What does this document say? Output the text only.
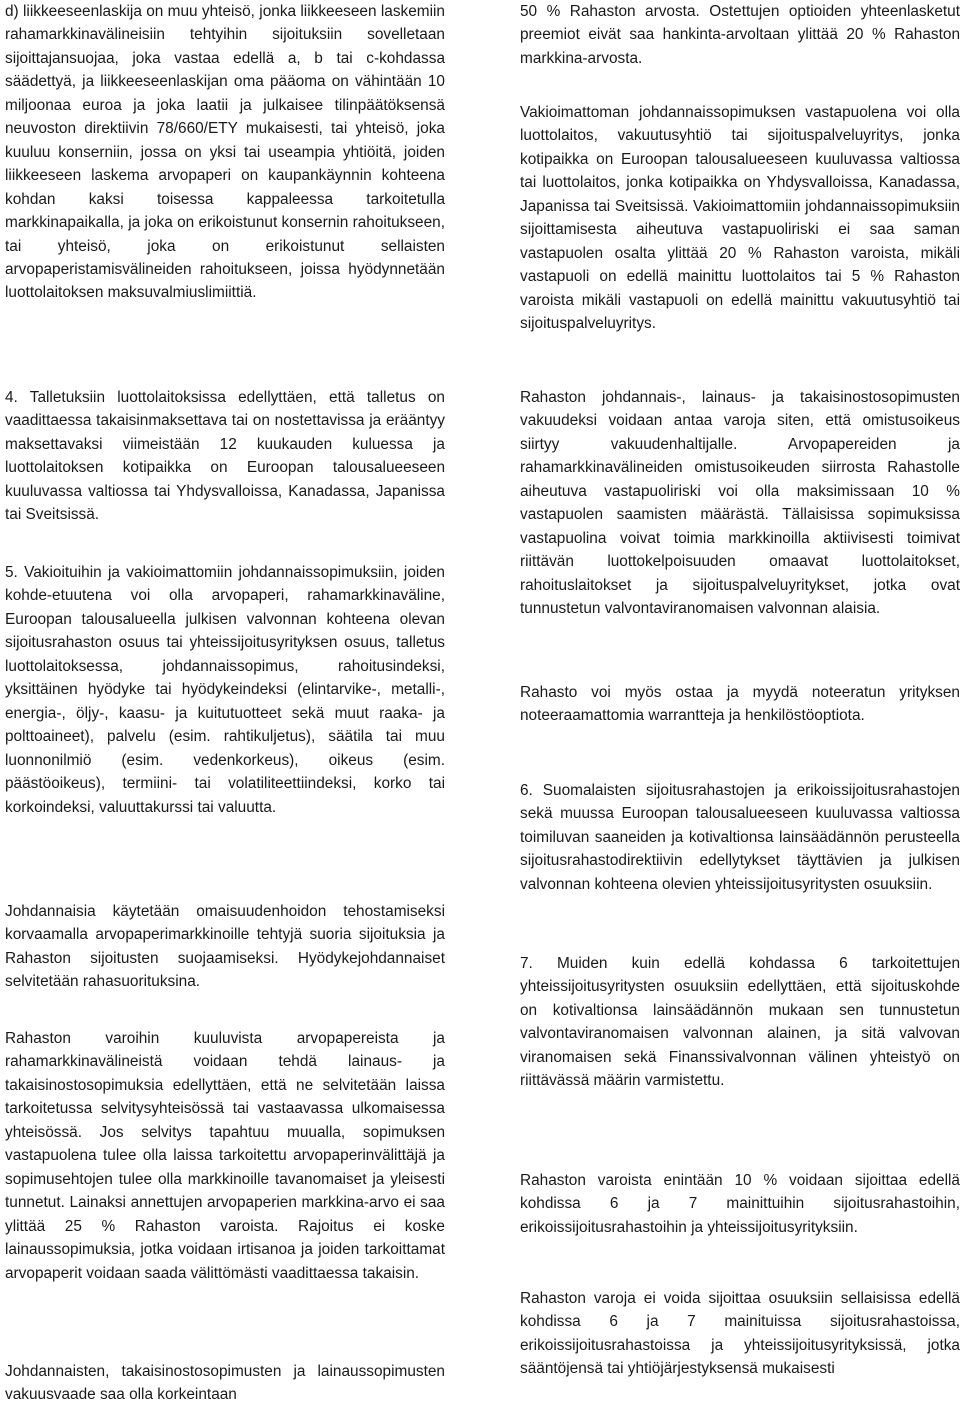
d) liikkeeseenlaskija on muu yhteisö, jonka liikkeeseen laskemiin rahamarkkinavälineisiin tehtyihin sijoituksiin sovelletaan sijoittajansuojaa, joka vastaa edellä a, b tai c-kohdassa säädettyä, ja liikkeeseenlaskijan oma pääoma on vähintään 10 miljoonaa euroa ja joka laatii ja julkaisee tilinpäätöksensä neuvoston direktiivin 78/660/ETY mukaisesti, tai yhteisö, joka kuuluu konserniin, jossa on yksi tai useampia yhtiöitä, joiden liikkeeseen laskema arvopaperi on kaupankäynnin kohteena kohdan kaksi toisessa kappaleessa tarkoitetulla markkinapaikalla, ja joka on erikoistunut konsernin rahoitukseen, tai yhteisö, joka on erikoistunut sellaisten arvopaperistamisvälineiden rahoitukseen, joissa hyödynnetään luottolaitoksen maksuvalmiuslimiittiä.

4. Talletuksiin luottolaitoksissa edellyttäen, että talletus on vaadittaessa takaisinmaksettava tai on nostettavissa ja erääntyy maksettavaksi viimeistään 12 kuukauden kuluessa ja luottolaitoksen kotipaikka on Euroopan talousalueeseen kuuluvassa valtiossa tai Yhdysvalloissa, Kanadassa, Japanissa tai Sveitsissä.

5. Vakioituihin ja vakioimattomiin johdannaissopimuksiin, joiden kohde-etuutena voi olla arvopaperi, rahamarkkinaväline, Euroopan talousalueella julkisen valvonnan kohteena olevan sijoitusrahaston osuus tai yhteissijoitusyrityksen osuus, talletus luottolaitoksessa, johdannaissopimus, rahoitusindeksi, yksittäinen hyödyke tai hyödykeindeksi (elintarvike-, metalli-, energia-, öljy-, kaasu- ja kuitutuotteet sekä muut raaka- ja polttoaineet), palvelu (esim. rahtikuljetus), säätila tai muu luonnonilmiö (esim. vedenkorkeus), oikeus (esim. päästöoikeus), termiini- tai volatiliteettiindeksi, korko tai korkoindeksi, valuuttakurssi tai valuutta.

Johdannaisia käytetään omaisuudenhoidon tehostamiseksi korvaamalla arvopaperimarkkinoille tehtyjä suoria sijoituksia ja Rahaston sijoitusten suojaamiseksi. Hyödykejohdannaiset selvitetään rahasuorituksina.

Rahaston varoihin kuuluvista arvopapereista ja rahamarkkinavälineistä voidaan tehdä lainaus- ja takaisinostosopimuksia edellyttäen, että ne selvitetään laissa tarkoitetussa selvitysyhteisössä tai vastaavassa ulkomaisessa yhteisössä. Jos selvitys tapahtuu muualla, sopimuksen vastapuolena tulee olla laissa tarkoitettu arvopaperinvälittäjä ja sopimusehtojen tulee olla markkinoille tavanomaiset ja yleisesti tunnetut. Lainaksi annettujen arvopaperien markkina-arvo ei saa ylittää 25 % Rahaston varoista. Rajoitus ei koske lainaussopimuksia, jotka voidaan irtisanoa ja joiden tarkoittamat arvopaperit voidaan saada välittömästi vaadittaessa takaisin.

Johdannaisten, takaisinostosopimusten ja lainaussopimusten vakuusvaade saa olla korkeintaan

50 % Rahaston arvosta. Ostettujen optioiden yhteenlasketut preemiot eivät saa hankinta-arvoltaan ylittää 20 % Rahaston markkina-arvosta.

Vakioimattoman johdannaissopimuksen vastapuolena voi olla luottolaitos, vakuutusyhtiö tai sijoituspalveluyritys, jonka kotipaikka on Euroopan talousalueeseen kuuluvassa valtiossa tai luottolaitos, jonka kotipaikka on Yhdysvalloissa, Kanadassa, Japanissa tai Sveitsissä. Vakioimattomiin johdannaissopimuksiin sijoittamisesta aiheutuva vastapuoliriski ei saa saman vastapuolen osalta ylittää 20 % Rahaston varoista, mikäli vastapuoli on edellä mainittu luottolaitos tai 5 % Rahaston varoista mikäli vastapuoli on edellä mainittu vakuutusyhtiö tai sijoituspalveluyritys.

Rahaston johdannais-, lainaus- ja takaisinostosopimusten vakuudeksi voidaan antaa varoja siten, että omistusoikeus siirtyy vakuudenhaltijalle. Arvopapereiden ja rahamarkkinavälineiden omistusoikeuden siirrosta Rahastolle aiheutuva vastapuoliriski voi olla maksimissaan 10 % vastapuolen saamisten määrästä. Tällaisissa sopimuksissa vastapuolina voivat toimia markkinoilla aktiivisesti toimivat riittävän luottokelpoisuuden omaavat luottolaitokset, rahoituslaitokset ja sijoituspalveluyritykset, jotka ovat tunnustetun valvontaviranomaisen valvonnan alaisia.

Rahasto voi myös ostaa ja myydä noteeratun yrityksen noteeraamattomia warrantteja ja henkilöstöoptiota.

6. Suomalaisten sijoitusrahastojen ja erikoissijoitusrahastojen sekä muussa Euroopan talousalueeseen kuuluvassa valtiossa toimiluvan saaneiden ja kotivaltionsa lainsäädännön perusteella sijoitusrahastodirektiivin edellytykset täyttävien ja julkisen valvonnan kohteena olevien yhteissijoitusyritysten osuuksiin.

7. Muiden kuin edellä kohdassa 6 tarkoitettujen yhteissijoitusyritysten osuuksiin edellyttäen, että sijoituskohde on kotivaltionsa lainsäädännön mukaan sen tunnustetun valvontaviranomaisen valvonnan alainen, ja sitä valvovan viranomaisen sekä Finanssivalvonnan välinen yhteistyö on riittävässä määrin varmistettu.

Rahaston varoista enintään 10 % voidaan sijoittaa edellä kohdissa 6 ja 7 mainittuihin sijoitusrahastoihin, erikoissijoitusrahastoihin ja yhteissijoitusyrityksiin.

Rahaston varoja ei voida sijoittaa osuuksiin sellaisissa edellä kohdissa 6 ja 7 mainituissa sijoitusrahastoissa, erikoissijoitusrahastoissa ja yhteissijoitusyrityksissä, jotka sääntöjensä tai yhtiöjärjestyksensä mukaisesti
